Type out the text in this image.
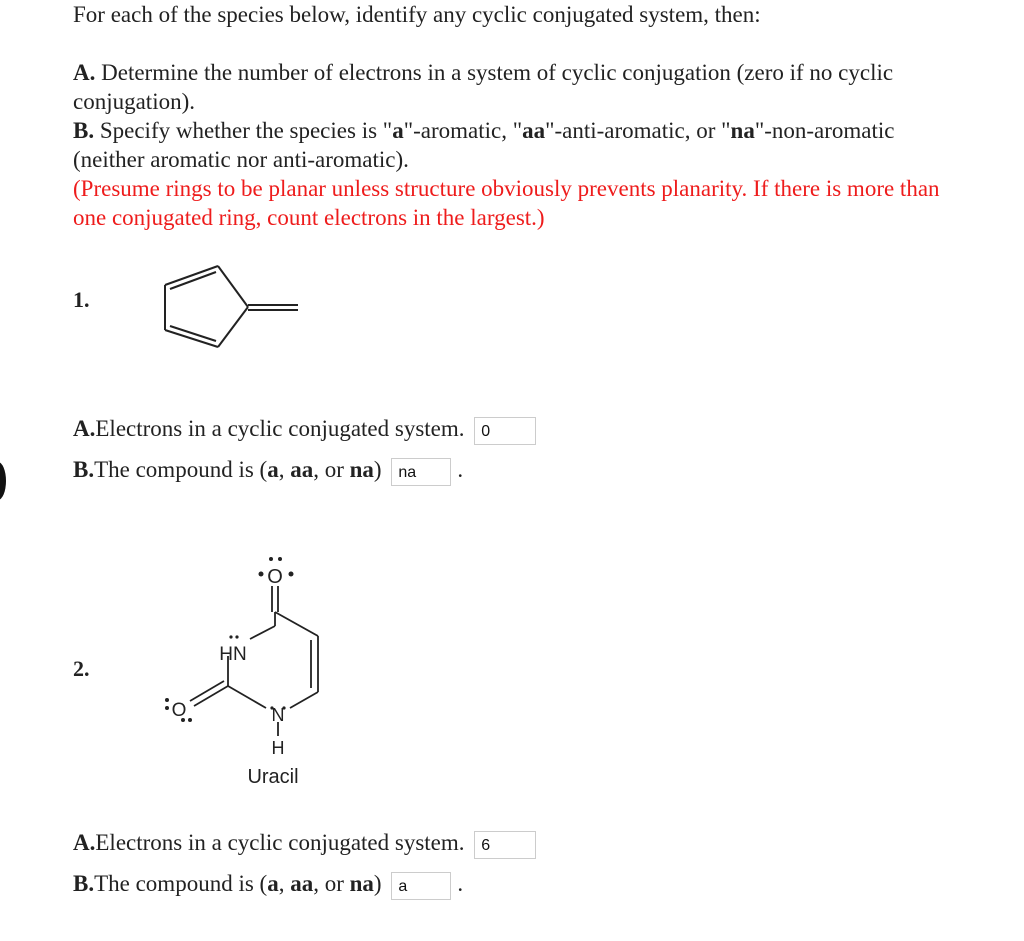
For each of the species below, identify any cyclic conjugated system, then:

A. Determine the number of electrons in a system of cyclic conjugation (zero if no cyclic conjugation).

B. Specify whether the species is "a"-aromatic, "aa"-anti-aromatic, or "na"-non-aromatic (neither aromatic nor anti-aromatic).

(Presume rings to be planar unless structure obviously prevents planarity. If there is more than one conjugated ring, count electrons in the largest.)

1.
A.Electrons in a cyclic conjugated system. 0
B.The compound is (a, aa, or na) na .
2.
O
HN
O	N
H
Uracil
A.Electrons in a cyclic conjugated system. 6
B.The compound is (a, aa, or na) a .
